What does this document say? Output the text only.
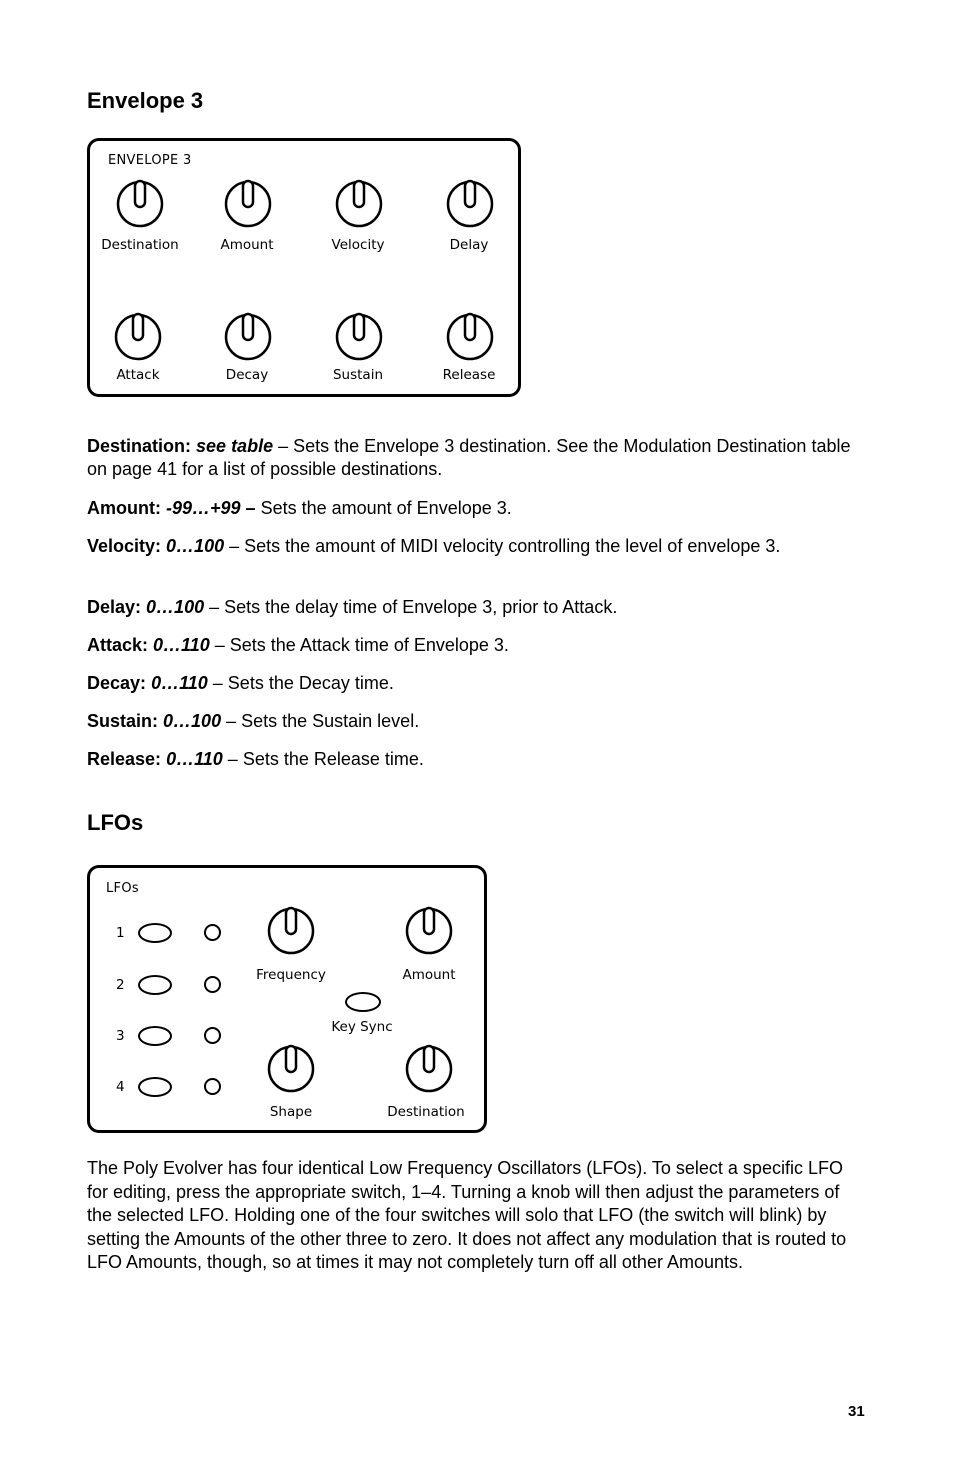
Envelope 3
ENVELOPE 3
Destination	Amount	Velocity	Delay
Attack	Decay	Sustain	Release

Destination: see table – Sets the Envelope 3 destination. See the Modulation Destination table on page 41 for a list of possible destinations.

Amount: -99…+99 – Sets the amount of Envelope 3.

Velocity: 0…100 – Sets the amount of MIDI velocity controlling the level of envelope 3.

Delay: 0…100 – Sets the delay time of Envelope 3, prior to Attack.

Attack: 0…110 – Sets the Attack time of Envelope 3.

Decay: 0…110 – Sets the Decay time.

Sustain: 0…100 – Sets the Sustain level.

Release: 0…110 – Sets the Release time.

LFOs
LFOs
1
2
3
4
Frequency	Amount
Key Sync
Shape	Destination

The Poly Evolver has four identical Low Frequency Oscillators (LFOs). To select a specific LFO for editing, press the appropriate switch, 1–4. Turning a knob will then adjust the parameters of the selected LFO. Holding one of the four switches will solo that LFO (the switch will blink) by setting the Amounts of the other three to zero. It does not affect any modulation that is routed to LFO Amounts, though, so at times it may not completely turn off all other Amounts.

31
